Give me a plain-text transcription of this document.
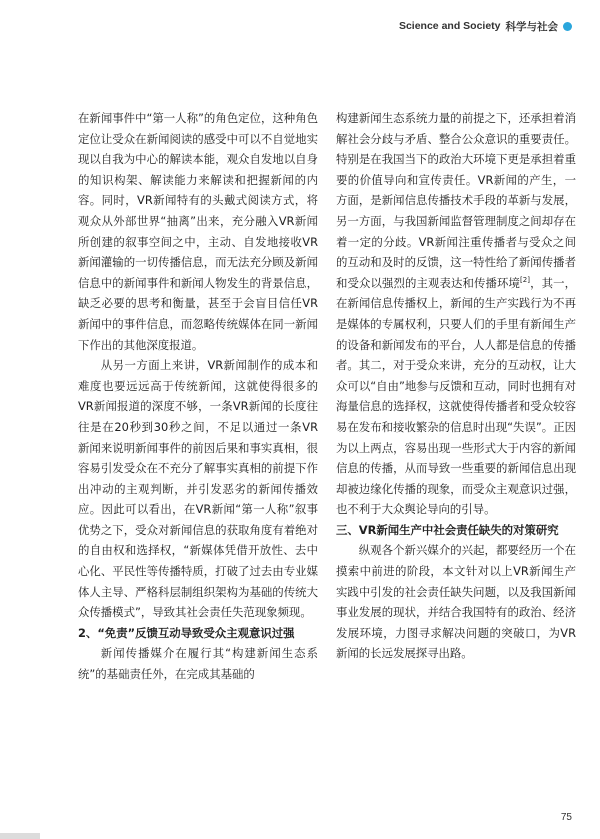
Science and Society 科学与社会

在新闻事件中“第一人称”的角色定位，这种角色定位让受众在新闻阅读的感受中可以不自觉地实现以自我为中心的解读本能，观众自发地以自身的知识构架、解读能力来解读和把握新闻的内容。同时，VR新闻特有的头戴式阅读方式，将观众从外部世界“抽离”出来，充分融入VR新闻所创建的叙事空间之中，主动、自发地接收VR新闻灌输的一切传播信息，而无法充分顾及新闻信息中的新闻事件和新闻人物发生的背景信息，缺乏必要的思考和衡量，甚至于会盲目信任VR新闻中的事件信息，而忽略传统媒体在同一新闻下作出的其他深度报道。

从另一方面上来讲，VR新闻制作的成本和难度也要远远高于传统新闻，这就使得很多的VR新闻报道的深度不够，一条VR新闻的长度往往是在20秒到30秒之间，不足以通过一条VR 新闻来说明新闻事件的前因后果和事实真相，很容易引发受众在不充分了解事实真相的前提下作出冲动的主观判断，并引发恶劣的新闻传播效应。因此可以看出，在VR新闻“第一人称”叙事优势之下，受众对新闻信息的获取角度有着绝对的自由权和选择权，“新媒体凭借开放性、去中心化、平民性等传播特质，打破了过去由专业媒体人主导、严格科层制组织架构为基础的传统大众传播模式”，导致其社会责任失范现象频现。

2、“免责”反馈互动导致受众主观意识过强

新闻传播媒介在履行其“构建新闻生态系统”的基础责任外，在完成其基础的

构建新闻生态系统力量的前提之下，还承担着消解社会分歧与矛盾、整合公众意识的重要责任。特别是在我国当下的政治大环境下更是承担着重要的价值导向和宣传责任。VR新闻的产生，一方面，是新闻信息传播技术手段的革新与发展，另一方面，与我国新闻监督管理制度之间却存在着一定的分歧。VR新闻注重传播者与受众之间的互动和及时的反馈，这一特性给了新闻传播者和受众以强烈的主观表达和传播环境[2]，其一，在新闻信息传播权上，新闻的生产实践行为不再是媒体的专属权利，只要人们的手里有新闻生产的设备和新闻发布的平台，人人都是信息的传播者。其二，对于受众来讲，充分的互动权，让大众可以“自由”地参与反馈和互动，同时也拥有对海量信息的选择权，这就使得传播者和受众较容易在发布和接收繁杂的信息时出现“失误”。正因为以上两点，容易出现一些形式大于内容的新闻信息的传播，从而导致一些重要的新闻信息出现却被边缘化传播的现象，而受众主观意识过强，也不利于大众舆论导向的引导。

三、VR新闻生产中社会责任缺失的对策研究

纵观各个新兴媒介的兴起，都要经历一个在摸索中前进的阶段，本文针对以上VR新闻生产实践中引发的社会责任缺失问题，以及我国新闻事业发展的现状，并结合我国特有的政治、经济发展环境，力图寻求解决问题的突破口，为VR新闻的长远发展探寻出路。

75
